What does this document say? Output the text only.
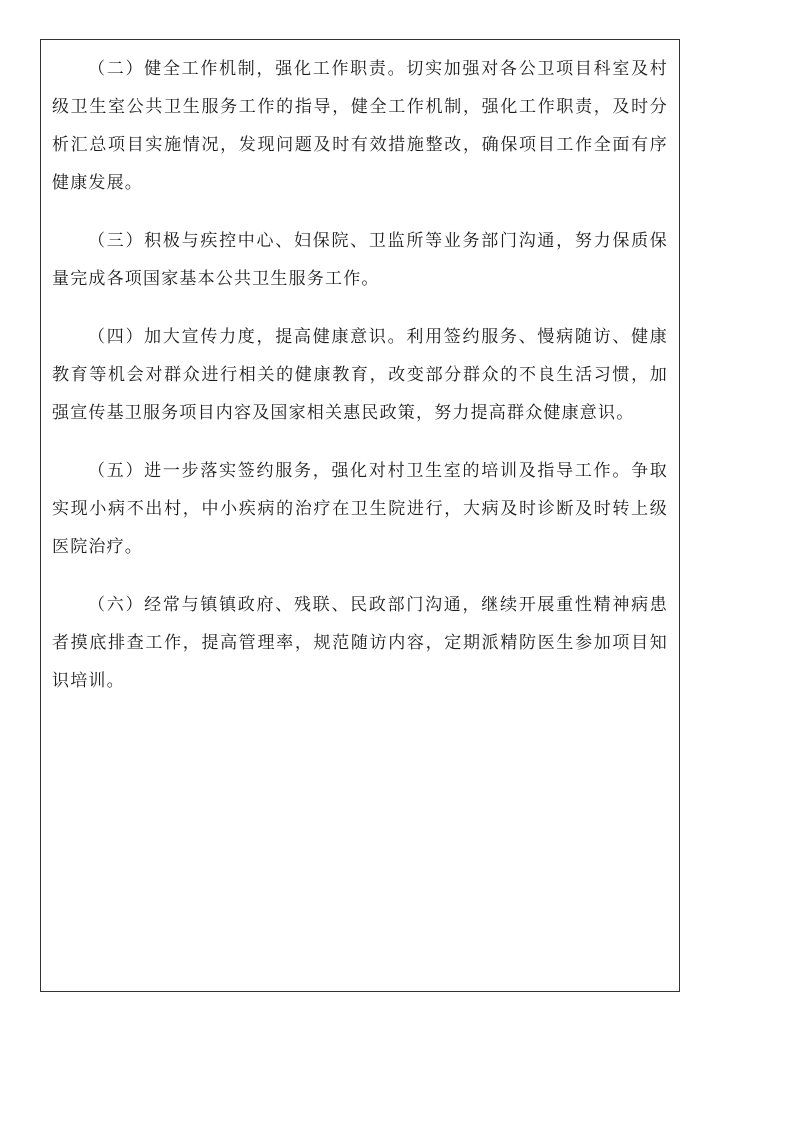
（二）健全工作机制，强化工作职责。切实加强对各公卫项目科室及村级卫生室公共卫生服务工作的指导，健全工作机制，强化工作职责，及时分析汇总项目实施情况，发现问题及时有效措施整改，确保项目工作全面有序健康发展。

（三）积极与疾控中心、妇保院、卫监所等业务部门沟通，努力保质保量完成各项国家基本公共卫生服务工作。

（四）加大宣传力度，提高健康意识。利用签约服务、慢病随访、健康教育等机会对群众进行相关的健康教育，改变部分群众的不良生活习惯，加强宣传基卫服务项目内容及国家相关惠民政策，努力提高群众健康意识。

（五）进一步落实签约服务，强化对村卫生室的培训及指导工作。争取实现小病不出村，中小疾病的治疗在卫生院进行，大病及时诊断及时转上级医院治疗。

（六）经常与镇镇政府、残联、民政部门沟通，继续开展重性精神病患者摸底排查工作，提高管理率，规范随访内容，定期派精防医生参加项目知识培训。
